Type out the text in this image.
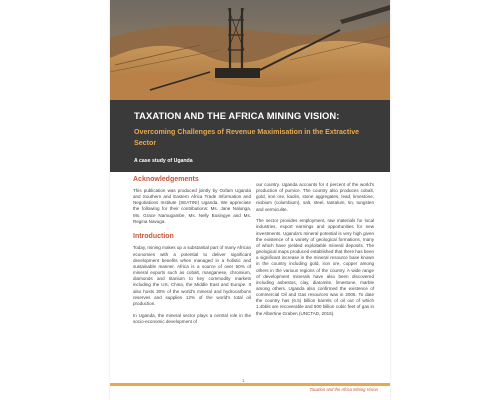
TAXATION AND THE AFRICA MINING VISION:
Overcoming Challenges of Revenue Maximisation in the Extractive Sector
A case study of Uganda
Acknowledgements

This publication was produced jointly by Oxfam Uganda and Southern and Eastern Africa Trade Information and Negotiations Institute (SEATINI) Uganda. We appreciate the following for their contributions: Ms. Jane Nalunga, Ms. Grace Namugambe, Ms. Nelly Busingye and Ms. Regina Navuga.

Introduction

Today, mining makes up a substantial part of many African economies with a potential to deliver significant development benefits when managed in a holistic and sustainable manner. Africa is a source of over 50% of mineral exports such as cobalt, manganese, chromium, diamonds and titanium to key commodity markets including the US, China, the Middle East and Europe. It also hosts 30% of the world's mineral and hydrocarbons reserves and supplies 12% of the world's total oil production.

In Uganda, the mineral sector plays a central role in the socio-economic development of

our country. Uganda accounts for 4 percent of the world's production of pumice. The country also produces cobalt, gold, iron ore, kaolin, stone aggregates, lead, limestone, niobium (columbium), salt, steel, tantalum, tin, tungsten and vermiculite.

The sector provides employment, raw materials for local industries, export earnings and opportunities for new investments. Uganda's mineral potential is very high given the existence of a variety of geological formations, many of which have yielded exploitable mineral deposits. The geological maps produced established that there has been a significant increase in the mineral resource base known in the country including gold, iron ore, copper among others in the various regions of the country. A wide range of development minerals have also been discovered including asbestos, clay, diatomite, limestone, marble among others. Uganda also confirmed the existence of commercial Oil and Gas resources was in 2006. To date the country has (6.5) billion barrels of oil out of which 1.4bbls are recoverable and 500 billion cubic feet of gas in the Albertine Graben (UNCTAD, 2015).

1
Taxation and the Africa Mining Vision
